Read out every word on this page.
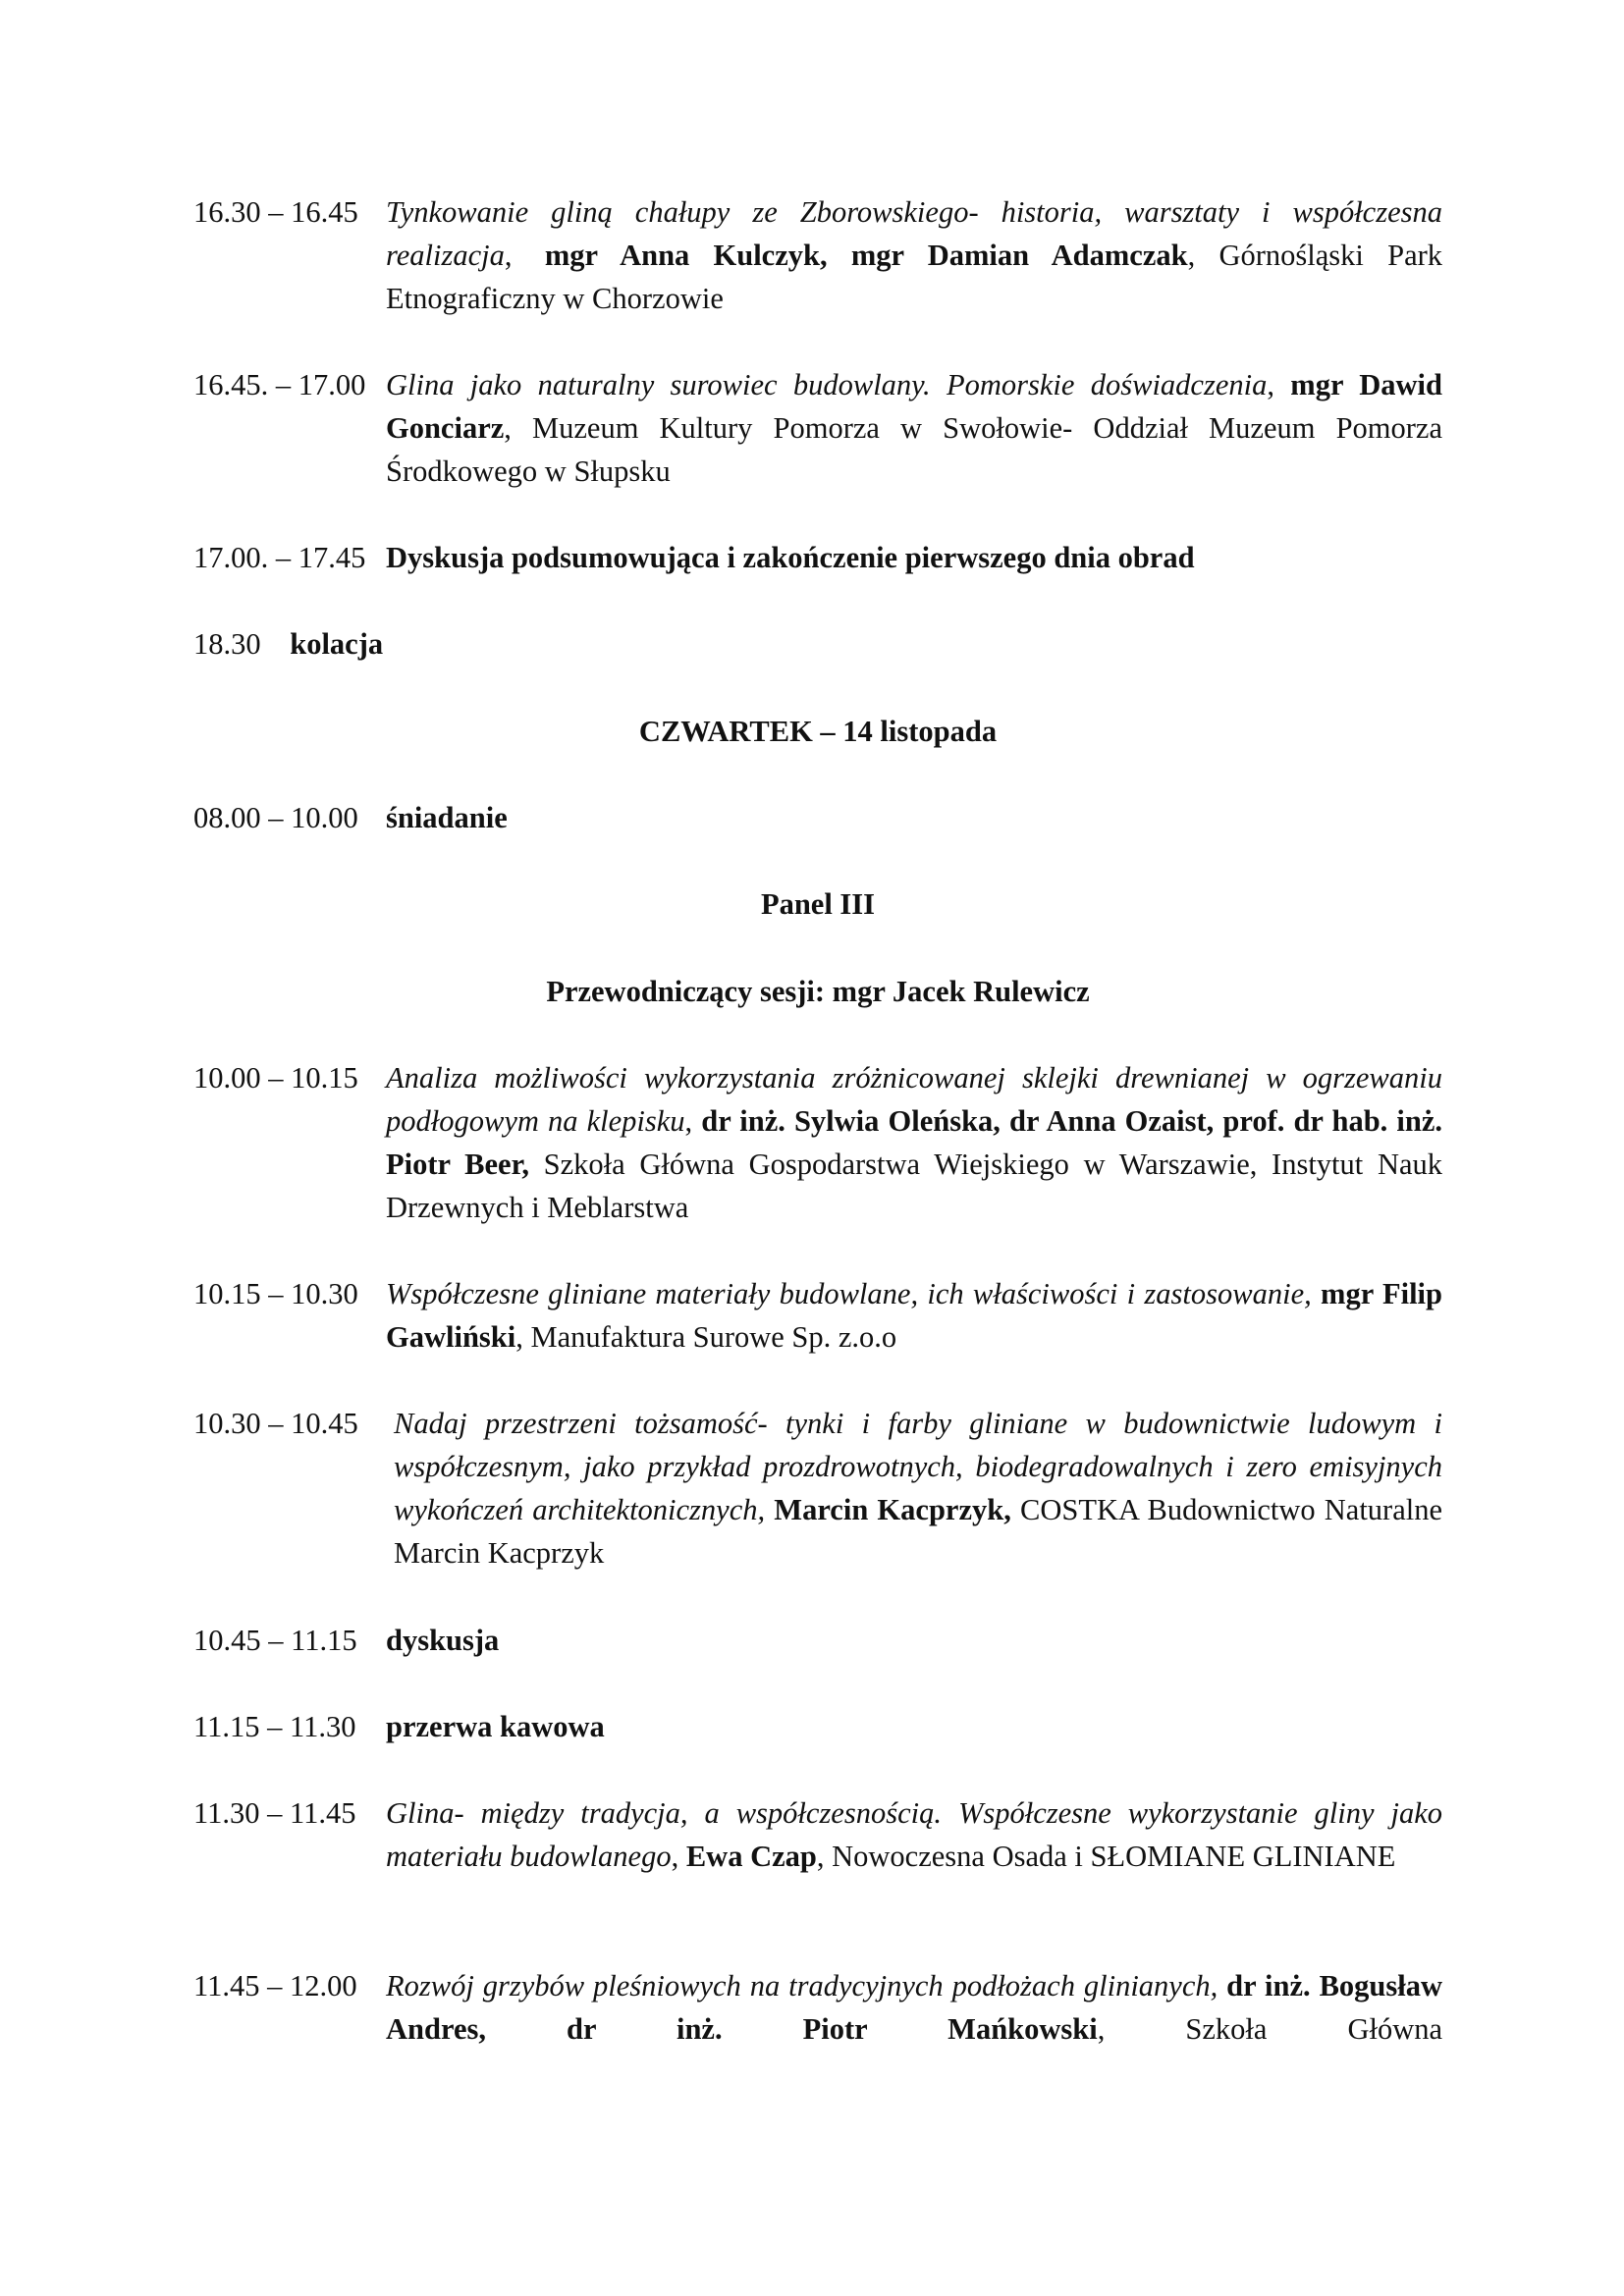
16.30 – 16.45 Tynkowanie gliną chałupy ze Zborowskiego- historia, warsztaty i współczesna realizacja, mgr Anna Kulczyk, mgr Damian Adamczak, Górnośląski Park Etnograficzny w Chorzowie
16.45. – 17.00 Glina jako naturalny surowiec budowlany. Pomorskie doświadczenia, mgr Dawid Gonciarz, Muzeum Kultury Pomorza w Swołowie- Oddział Muzeum Pomorza Środkowego w Słupsku
17.00. – 17.45 Dyskusja podsumowująca i zakończenie pierwszego dnia obrad
18.30 kolacja
CZWARTEK – 14 listopada
08.00 – 10.00 śniadanie
Panel III
Przewodniczący sesji: mgr Jacek Rulewicz
10.00 – 10.15 Analiza możliwości wykorzystania zróżnicowanej sklejki drewnianej w ogrzewaniu podłogowym na klepisku, dr inż. Sylwia Oleńska, dr Anna Ozaist, prof. dr hab. inż. Piotr Beer, Szkoła Główna Gospodarstwa Wiejskiego w Warszawie, Instytut Nauk Drzewnych i Meblarstwa
10.15 – 10.30 Współczesne gliniane materiały budowlane, ich właściwości i zastosowanie, mgr Filip Gawliński, Manufaktura Surowe Sp. z.o.o
10.30 – 10.45 Nadaj przestrzeni tożsamość- tynki i farby gliniane w budownictwie ludowym i współczesnym, jako przykład prozdrowotnych, biodegradowalnych i zero emisyjnych wykończeń architektonicznych, Marcin Kacprzyk, COSTKA Budownictwo Naturalne Marcin Kacprzyk
10.45 – 11.15 dyskusja
11.15 – 11.30 przerwa kawowa
11.30 – 11.45 Glina- między tradycja, a współczesnością. Współczesne wykorzystanie gliny jako materiału budowlanego, Ewa Czap, Nowoczesna Osada i SŁOMIANE GLINIANE
11.45 – 12.00 Rozwój grzybów pleśniowych na tradycyjnych podłożach glinianych, dr inż. Bogusław Andres, dr inż. Piotr Mańkowski, Szkoła Główna
